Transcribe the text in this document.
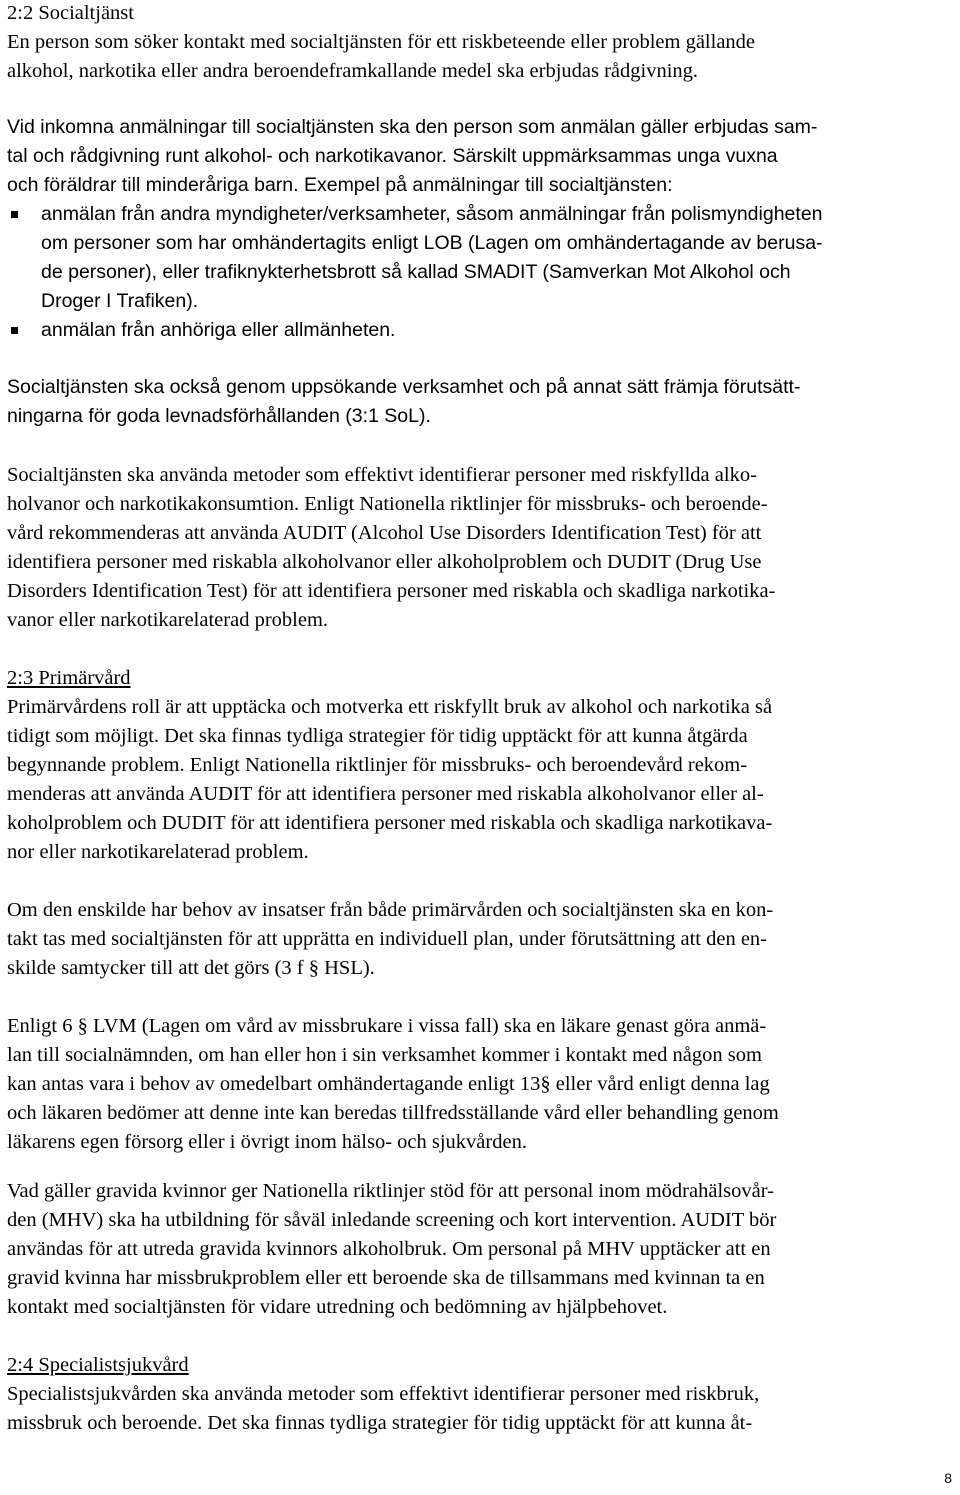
2:2 Socialtjänst
En person som söker kontakt med socialtjänsten för ett riskbeteende eller problem gällande
alkohol, narkotika eller andra beroendeframkallande medel ska erbjudas rådgivning.
Vid inkomna anmälningar till socialtjänsten ska den person som anmälan gäller erbjudas sam-
tal och rådgivning runt alkohol- och narkotikavanor. Särskilt uppmärksammas unga vuxna
och föräldrar till minderåriga barn. Exempel på anmälningar till socialtjänsten:
anmälan från andra myndigheter/verksamheter, såsom anmälningar från polismyndigheten
om personer som har omhändertagits enligt LOB (Lagen om omhändertagande av berusa-
de personer), eller trafiknykterhetsbrott så kallad SMADIT (Samverkan Mot Alkohol och
Droger I Trafiken).
anmälan från anhöriga eller allmänheten.
Socialtjänsten ska också genom uppsökande verksamhet och på annat sätt främja förutsätt-
ningarna för goda levnadsförhållanden (3:1 SoL).
Socialtjänsten ska använda metoder som effektivt identifierar personer med riskfyllda alko-
holvanor och narkotikakonsumtion. Enligt Nationella riktlinjer för missbruks- och beroende-
vård rekommenderas att använda AUDIT (Alcohol Use Disorders Identification Test) för att
identifiera personer med riskabla alkoholvanor eller alkoholproblem och DUDIT (Drug Use
Disorders Identification Test) för att identifiera personer med riskabla och skadliga narkotika-
vanor eller narkotikarelaterad problem.
2:3 Primärvård
Primärvårdens roll är att upptäcka och motverka ett riskfyllt bruk av alkohol och narkotika så
tidigt som möjligt. Det ska finnas tydliga strategier för tidig upptäckt för att kunna åtgärda
begynnande problem. Enligt Nationella riktlinjer för missbruks- och beroendevård rekom-
menderas att använda AUDIT för att identifiera personer med riskabla alkoholvanor eller al-
koholproblem och DUDIT för att identifiera personer med riskabla och skadliga narkotikava-
nor eller narkotikarelaterad problem.
Om den enskilde har behov av insatser från både primärvården och socialtjänsten ska en kon-
takt tas med socialtjänsten för att upprätta en individuell plan, under förutsättning att den en-
skilde samtycker till att det görs (3 f § HSL).
Enligt 6 § LVM (Lagen om vård av missbrukare i vissa fall) ska en läkare genast göra anmä-
lan till socialnämnden, om han eller hon i sin verksamhet kommer i kontakt med någon som
kan antas vara i behov av omedelbart omhändertagande enligt 13§ eller vård enligt denna lag
och läkaren bedömer att denne inte kan beredas tillfredsställande vård eller behandling genom
läkarens egen försorg eller i övrigt inom hälso- och sjukvården.
Vad gäller gravida kvinnor ger Nationella riktlinjer stöd för att personal inom mödrahälsovår-
den (MHV) ska ha utbildning för såväl inledande screening och kort intervention. AUDIT bör
användas för att utreda gravida kvinnors alkoholbruk. Om personal på MHV upptäcker att en
gravid kvinna har missbrukproblem eller ett beroende ska de tillsammans med kvinnan ta en
kontakt med socialtjänsten för vidare utredning och bedömning av hjälpbehovet.
2:4 Specialistsjukvård
Specialistsjukvården ska använda metoder som effektivt identifierar personer med riskbruk,
missbruk och beroende. Det ska finnas tydliga strategier för tidig upptäckt för att kunna åt-
8
